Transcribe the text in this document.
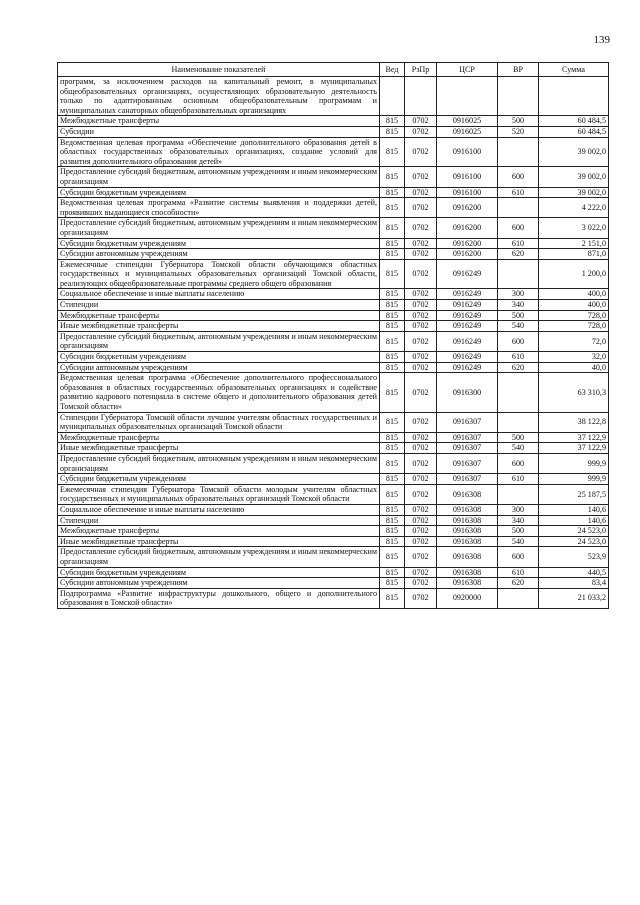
139
Наименование показателей	Вед	РзПр	ЦСР	ВР	Сумма
программ, за исключением расходов на капитальный ремонт, в муниципальных общеобразовательных организациях, осуществляющих образовательную деятельность только по адаптированным основным общеобразовательным программам и муниципальных санаторных общеобразовательных организациях					
Межбюджетные трансферты	815	0702	0916025	500	60 484,5
Субсидии	815	0702	0916025	520	60 484,5
Ведомственная целевая программа «Обеспечение дополнительного образования детей в областных государственных образовательных организациях, создание условий для развития дополнительного образования детей»	815	0702	0916100		39 002,0
Предоставление субсидий бюджетным, автономным учреждениям и иным некоммерческим организациям	815	0702	0916100	600	39 002,0
Субсидии бюджетным учреждениям	815	0702	0916100	610	39 002,0
Ведомственная целевая программа «Развитие системы выявления и поддержки детей, проявивших выдающиеся способности»	815	0702	0916200		4 222,0
Предоставление субсидий бюджетным, автономным учреждениям и иным некоммерческим организациям	815	0702	0916200	600	3 022,0
Субсидии бюджетным учреждениям	815	0702	0916200	610	2 151,0
Субсидии автономным учреждениям	815	0702	0916200	620	871,0
Ежемесячные стипендии Губернатора Томской области обучающимся областных государственных и муниципальных образовательных организаций Томской области, реализующих общеобразовательные программы среднего общего образования	815	0702	0916249		1 200,0
Социальное обеспечение и иные выплаты населению	815	0702	0916249	300	400,0
Стипендии	815	0702	0916249	340	400,0
Межбюджетные трансферты	815	0702	0916249	500	728,0
Иные межбюджетные трансферты	815	0702	0916249	540	728,0
Предоставление субсидий бюджетным, автономным учреждениям и иным некоммерческим организациям	815	0702	0916249	600	72,0
Субсидии бюджетным учреждениям	815	0702	0916249	610	32,0
Субсидии автономным учреждениям	815	0702	0916249	620	40,0
Ведомственная целевая программа «Обеспечение дополнительного профессионального образования в областных государственных образовательных организациях и содействие развитию кадрового потенциала в системе общего и дополнительного образования детей Томской области»	815	0702	0916300		63 310,3
Стипендии Губернатора Томской области лучшим учителям областных государственных и муниципальных образовательных организаций Томской области	815	0702	0916307		38 122,8
Межбюджетные трансферты	815	0702	0916307	500	37 122,9
Иные межбюджетные трансферты	815	0702	0916307	540	37 122,9
Предоставление субсидий бюджетным, автономным учреждениям и иным некоммерческим организациям	815	0702	0916307	600	999,9
Субсидии бюджетным учреждениям	815	0702	0916307	610	999,9
Ежемесячная стипендия Губернатора Томской области молодым учителям областных государственных и муниципальных образовательных организаций Томской области	815	0702	0916308		25 187,5
Социальное обеспечение и иные выплаты населению	815	0702	0916308	300	140,6
Стипендии	815	0702	0916308	340	140,6
Межбюджетные трансферты	815	0702	0916308	500	24 523,0
Иные межбюджетные трансферты	815	0702	0916308	540	24 523,0
Предоставление субсидий бюджетным, автономным учреждениям и иным некоммерческим организациям	815	0702	0916308	600	523,9
Субсидии бюджетным учреждениям	815	0702	0916308	610	440,5
Субсидии автономным учреждениям	815	0702	0916308	620	83,4
Подпрограмма «Развитие инфраструктуры дошкольного, общего и дополнительного образования в Томской области»	815	0702	0920000		21 033,2
